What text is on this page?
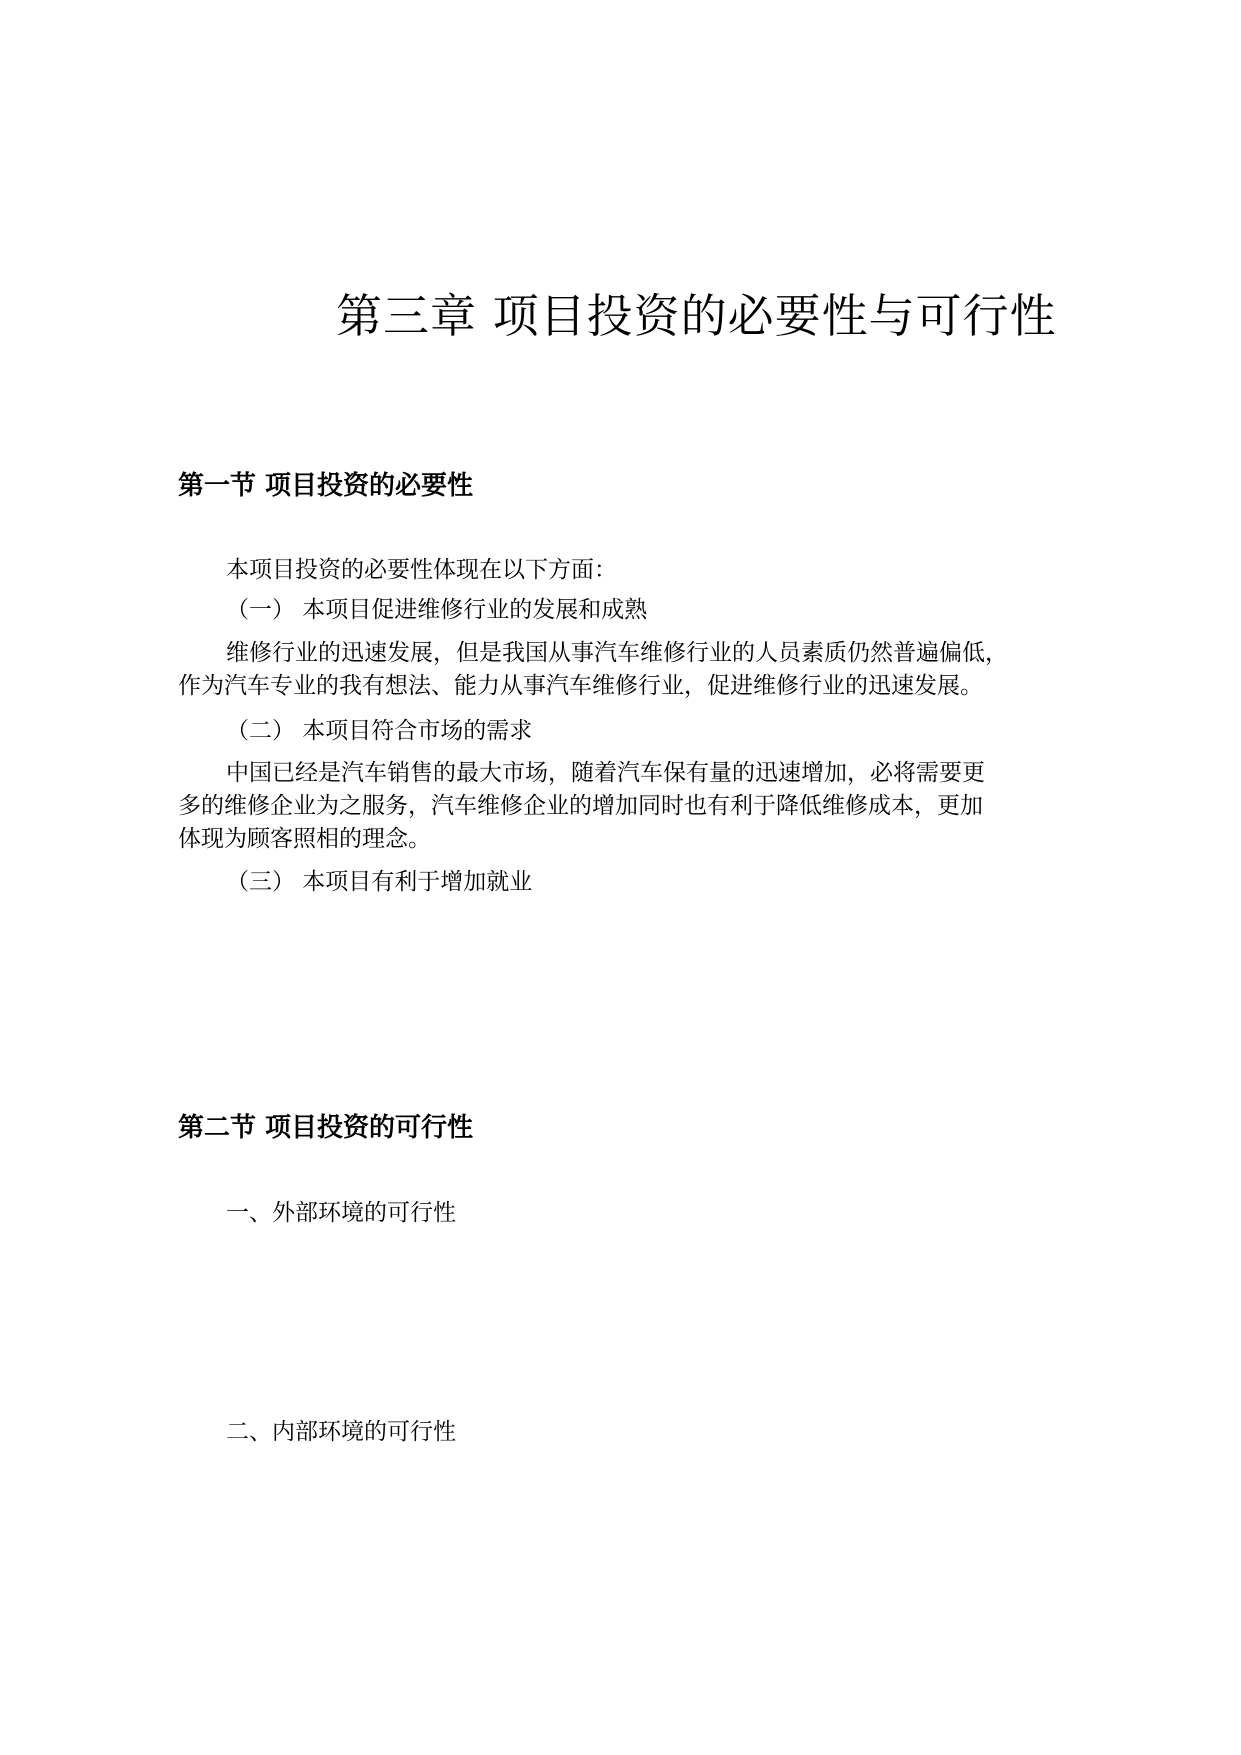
第三章 项目投资的必要性与可行性
第一节 项目投资的必要性
本项目投资的必要性体现在以下方面：
（一） 本项目促进维修行业的发展和成熟
维修行业的迅速发展，但是我国从事汽车维修行业的人员素质仍然普遍偏低，
作为汽车专业的我有想法、能力从事汽车维修行业，促进维修行业的迅速发展。
（二） 本项目符合市场的需求
中国已经是汽车销售的最大市场，随着汽车保有量的迅速增加，必将需要更
多的维修企业为之服务，汽车维修企业的增加同时也有利于降低维修成本，更加
体现为顾客照相的理念。
（三） 本项目有利于增加就业
第二节 项目投资的可行性
一、外部环境的可行性
二、内部环境的可行性
